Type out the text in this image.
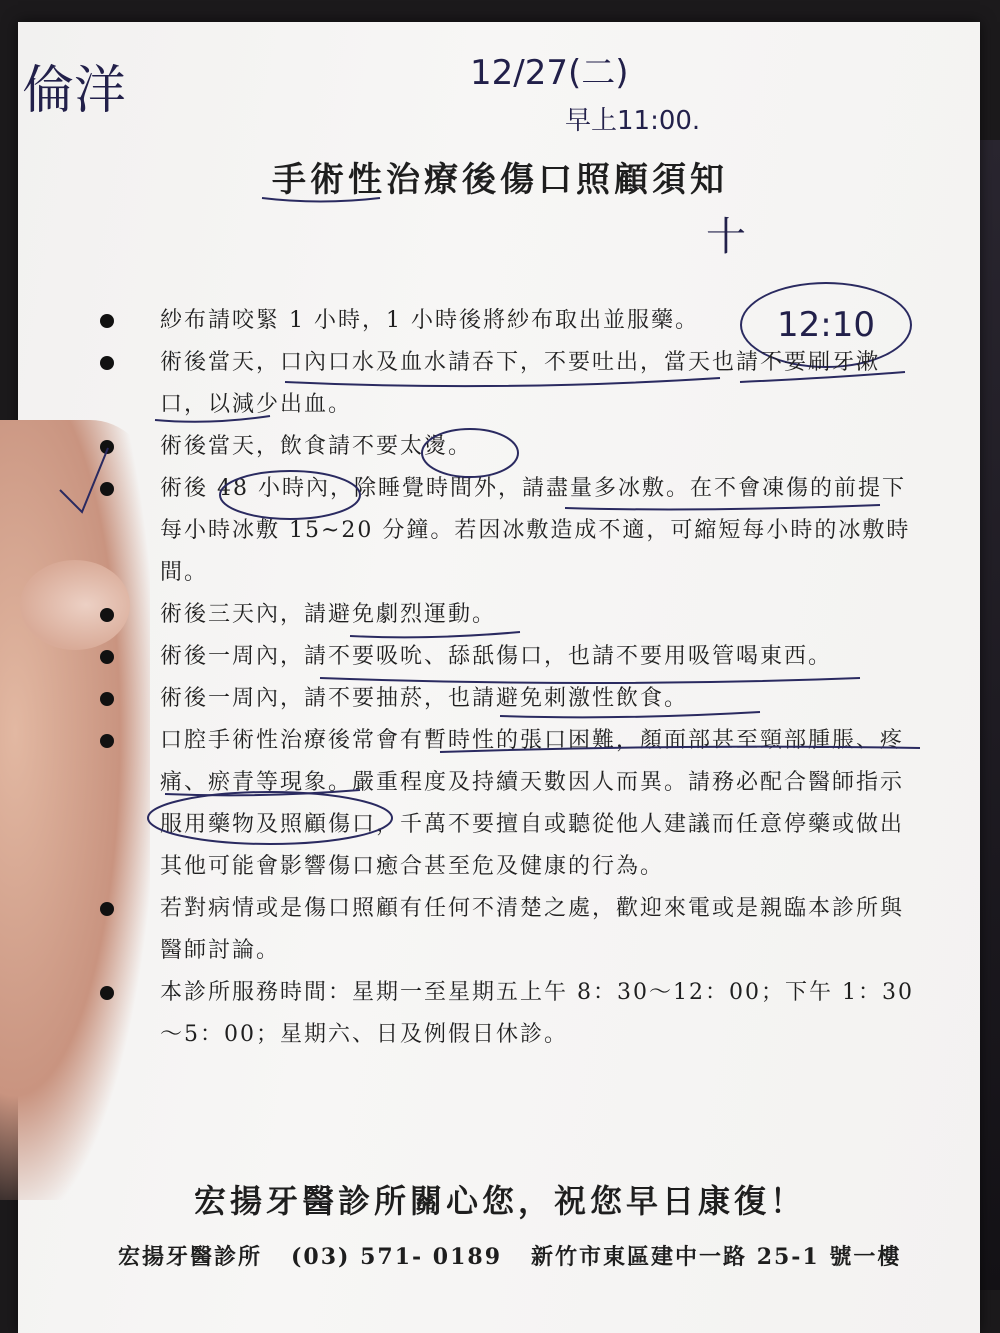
倫洋	12/27(二)
早上11:00.
十
12:10
手術性治療後傷口照顧須知
紗布請咬緊 1 小時，1 小時後將紗布取出並服藥。
術後當天，口內口水及血水請吞下，不要吐出，當天也請不要刷牙漱口，以減少出血。
術後當天，飲食請不要太燙。
術後 48 小時內，除睡覺時間外，請盡量多冰敷。在不會凍傷的前提下每小時冰敷 15~20 分鐘。若因冰敷造成不適，可縮短每小時的冰敷時間。
術後三天內，請避免劇烈運動。
術後一周內，請不要吸吮、舔舐傷口，也請不要用吸管喝東西。
術後一周內，請不要抽菸，也請避免刺激性飲食。
口腔手術性治療後常會有暫時性的張口困難，顏面部甚至頸部腫脹、疼痛、瘀青等現象。嚴重程度及持續天數因人而異。請務必配合醫師指示服用藥物及照顧傷口，千萬不要擅自或聽從他人建議而任意停藥或做出其他可能會影響傷口癒合甚至危及健康的行為。
若對病情或是傷口照顧有任何不清楚之處，歡迎來電或是親臨本診所與醫師討論。
本診所服務時間：星期一至星期五上午 8：30～12：00；下午 1：30～5：00；星期六、日及例假日休診。
宏揚牙醫診所關心您，祝您早日康復！
宏揚牙醫診所 (03) 571- 0189 新竹市東區建中一路 25-1 號一樓
